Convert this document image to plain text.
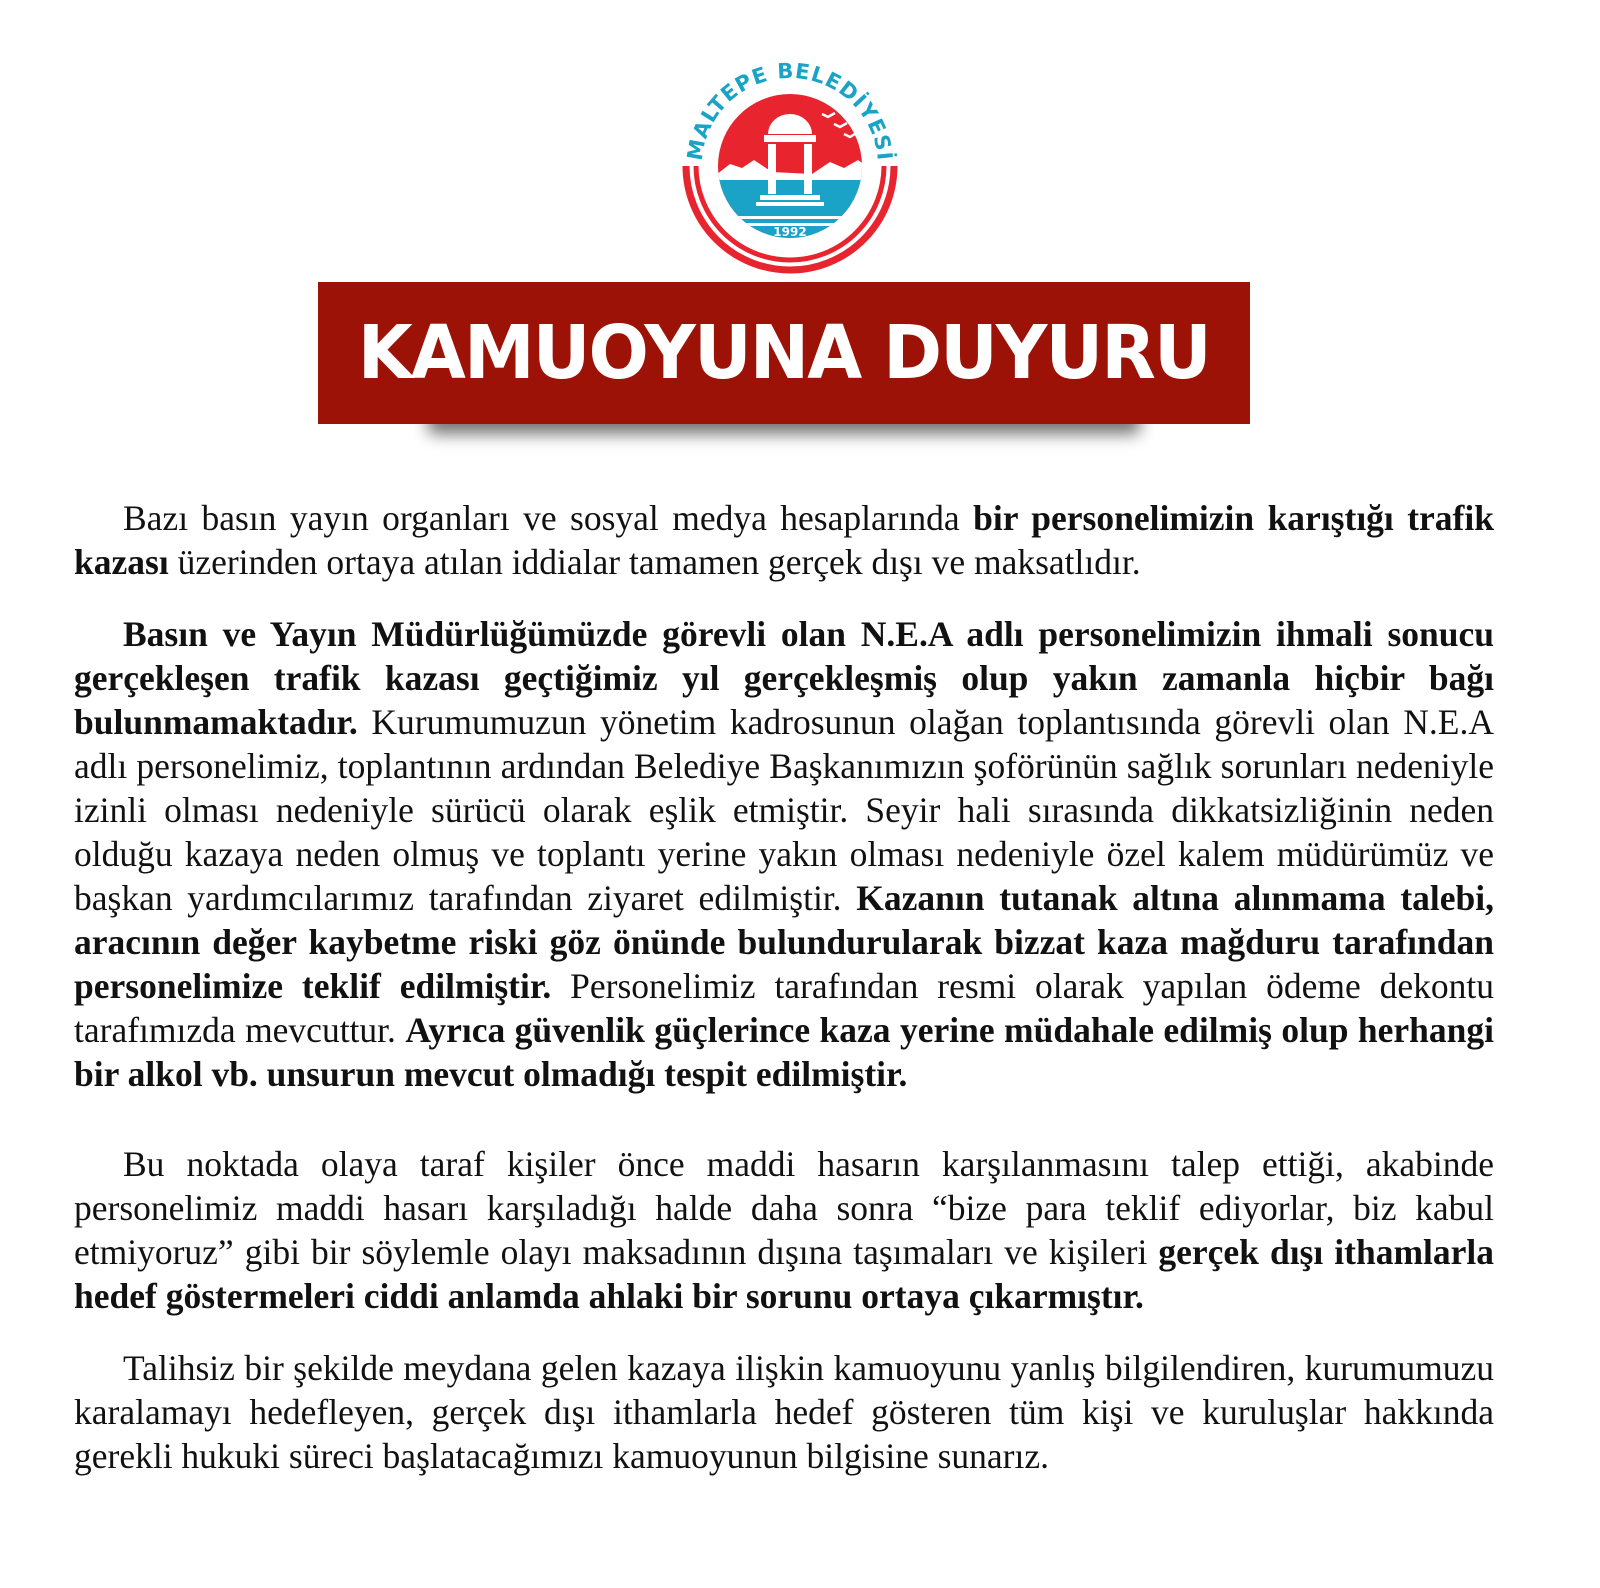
1992
MALTEPE BELEDİYESİ
KAMUOYUNA DUYURU

Bazı basın yayın organları ve sosyal medya hesaplarında bir personelimizin karıştığı trafik kazası üzerinden ortaya atılan iddialar tamamen gerçek dışı ve maksatlıdır.

Basın ve Yayın Müdürlüğümüzde görevli olan N.E.A adlı personelimizin ihmali sonucu gerçekleşen trafik kazası geçtiğimiz yıl gerçekleşmiş olup yakın zamanla hiçbir bağı bulunmamaktadır. Kurumumuzun yönetim kadrosunun olağan toplantısında görevli olan N.E.A adlı personelimiz, toplantının ardından Belediye Başkanımızın şoförünün sağlık sorunları nedeniyle izinli olması nedeniyle sürücü olarak eşlik etmiştir. Seyir hali sırasında dikkatsizliğinin neden olduğu kazaya neden olmuş ve toplantı yerine yakın olması nedeniyle özel kalem müdürümüz ve başkan yardımcılarımız tarafından ziyaret edilmiştir. Kazanın tutanak altına alınmama talebi, aracının değer kaybetme riski göz önünde bulundurularak bizzat kaza mağduru tarafından personelimize teklif edilmiştir. Personelimiz tarafından resmi olarak yapılan ödeme dekontu tarafımızda mevcuttur. Ayrıca güvenlik güçlerince kaza yerine müdahale edilmiş olup herhangi bir alkol vb. unsurun mevcut olmadığı tespit edilmiştir.

Bu noktada olaya taraf kişiler önce maddi hasarın karşılanmasını talep ettiği, akabinde personelimiz maddi hasarı karşıladığı halde daha sonra “bize para teklif ediyorlar, biz kabul etmiyoruz” gibi bir söylemle olayı maksadının dışına taşımaları ve kişileri gerçek dışı ithamlarla hedef göstermeleri ciddi anlamda ahlaki bir sorunu ortaya çıkarmıştır.

Talihsiz bir şekilde meydana gelen kazaya ilişkin kamuoyunu yanlış bilgilendiren, kurumumuzu karalamayı hedefleyen, gerçek dışı ithamlarla hedef gösteren tüm kişi ve kuruluşlar hakkında gerekli hukuki süreci başlatacağımızı kamuoyunun bilgisine sunarız.
